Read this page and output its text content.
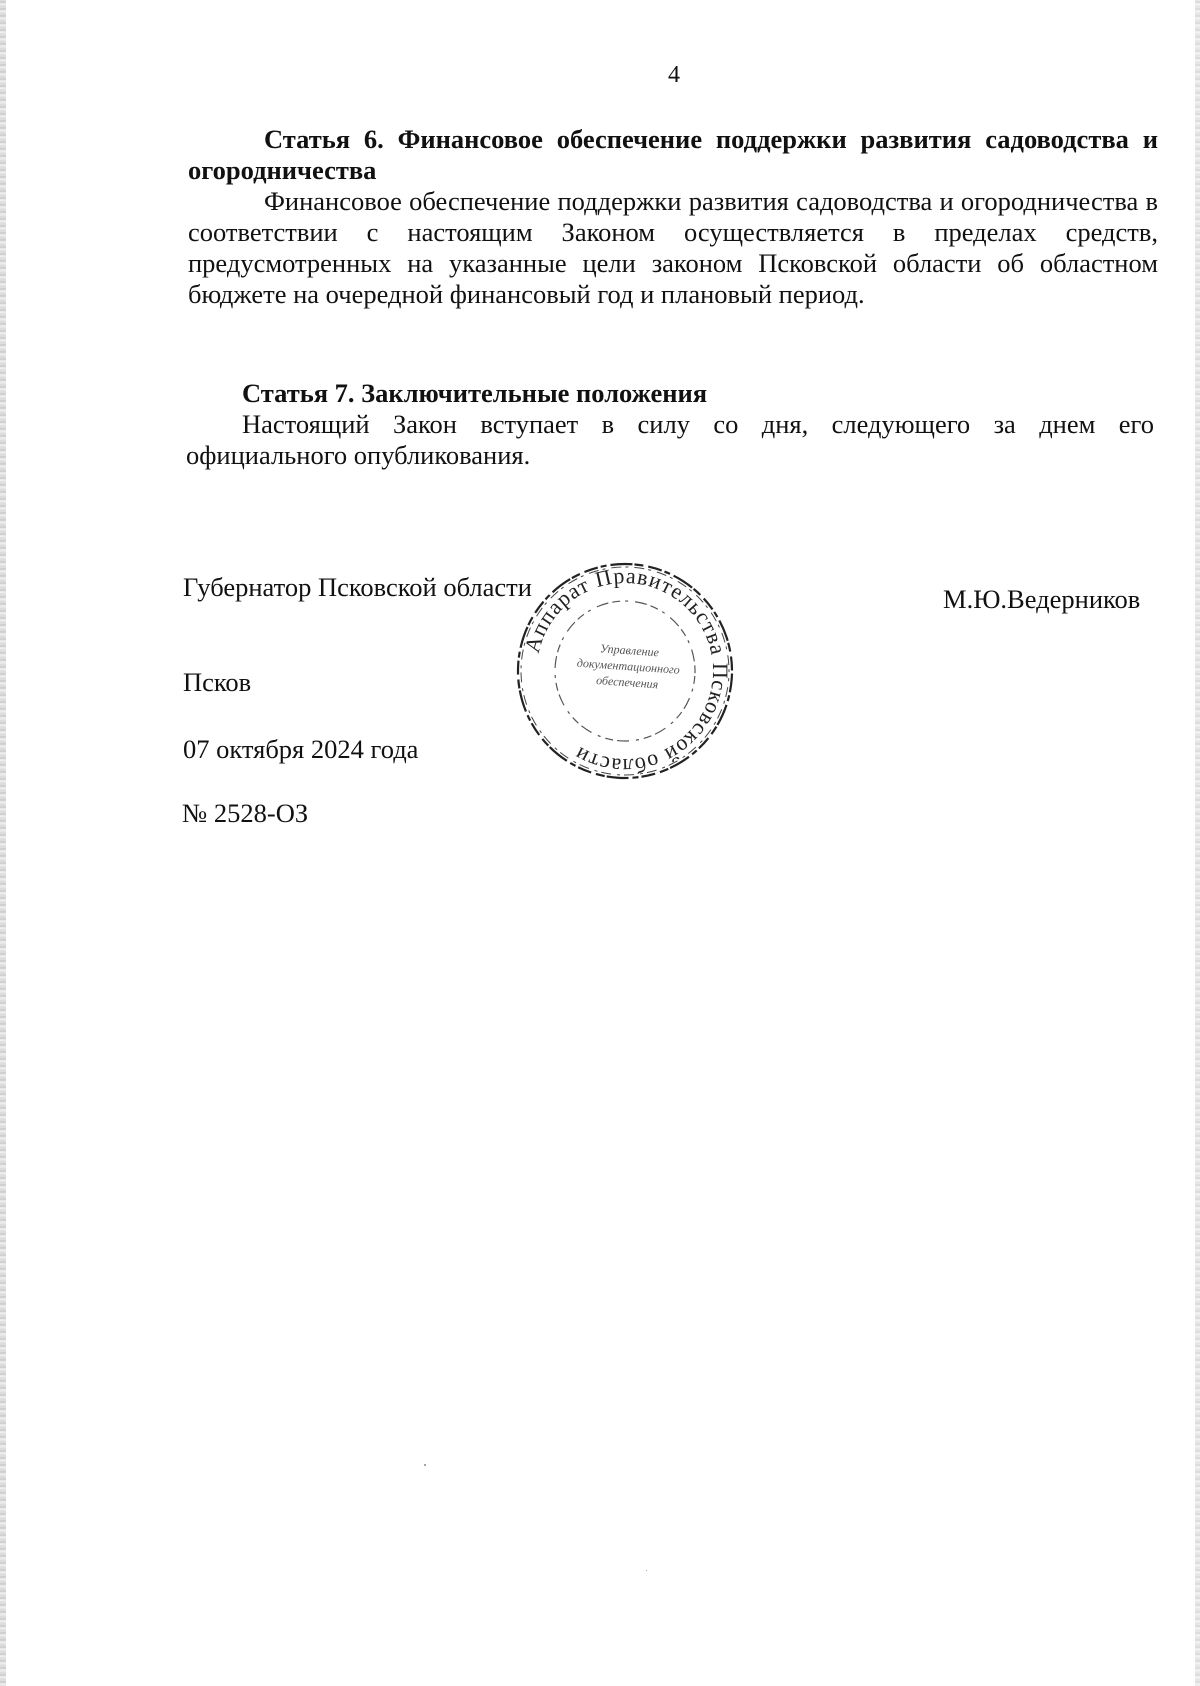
4

Статья 6. Финансовое обеспечение поддержки развития садоводства и огородничества

Финансовое обеспечение поддержки развития садоводства и огородничества в соответствии с настоящим Законом осуществляется в пределах средств, предусмотренных на указанные цели законом Псковской области об областном бюджете на очередной финансовый год и плановый период.

Статья 7. Заключительные положения

Настоящий Закон вступает в силу со дня, следующего за днем его официального опубликования.

Губернатор Псковской области	М.Ю.Ведерников
Псков
07 октября 2024 года
№ 2528-ОЗ
Аппарат Правительства Псковской области
Управление
документационного
обеспечения
